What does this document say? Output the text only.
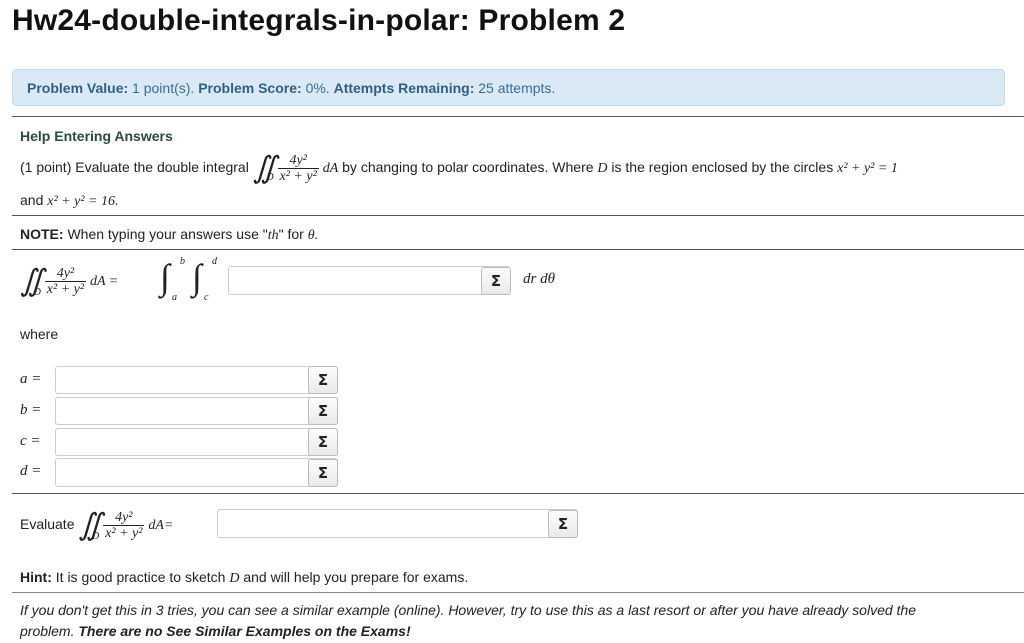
Hw24-double-integrals-in-polar: Problem 2
Problem Value: 1 point(s). Problem Score: 0%. Attempts Remaining: 25 attempts.
Help Entering Answers
(1 point) Evaluate the double integral $∬_D \frac{\text{4y²}}{\text{x² + y²}}$ dA by changing to polar coordinates. Where D is the region enclosed by the circles x² + y² = 1
and x² + y² = 16.
NOTE: When typing your answers use "th" for θ.
$∬_D \frac{\text{4y²}}{\text{x² + y²}}$ dA = ∫ b
a
∫ d
c
Σ	dr dθ
where
a =	Σ
b =	Σ
c =	Σ
d =	Σ
Evaluate $∬_D \frac{\text{4y²}}{\text{x² + y²}} dA=$	Σ
Hint: It is good practice to sketch D and will help you prepare for exams.
If you don't get this in 3 tries, you can see a similar example (online). However, try to use this as a last resort or after you have already solved the
problem. There are no See Similar Examples on the Exams!
